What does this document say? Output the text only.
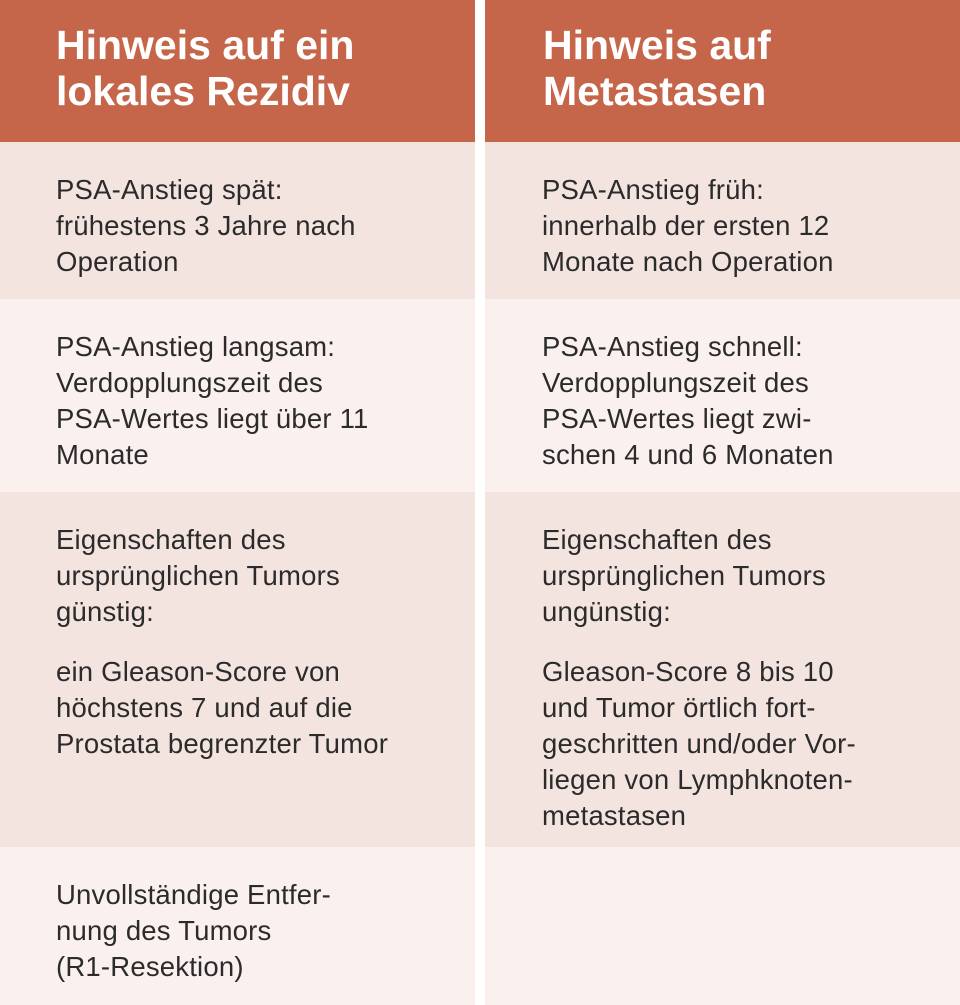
Hinweis auf ein
lokales Rezidiv
Hinweis auf
Metastasen
PSA-Anstieg spät:
frühestens 3 Jahre nach
Operation
PSA-Anstieg früh:
innerhalb der ersten 12
Monate nach Operation
PSA-Anstieg langsam:
Verdopplungszeit des
PSA-Wertes liegt über 11
Monate
PSA-Anstieg schnell:
Verdopplungszeit des
PSA-Wertes liegt zwi-
schen 4 und 6 Monaten
Eigenschaften des
ursprünglichen Tumors
günstig:
ein Gleason-Score von
höchstens 7 und auf die
Prostata begrenzter Tumor
Eigenschaften des
ursprünglichen Tumors
ungünstig:
Gleason-Score 8 bis 10
und Tumor örtlich fort-
geschritten und/oder Vor-
liegen von Lymphknoten-
metastasen
Unvollständige Entfer-
nung des Tumors
(R1-Resektion)
